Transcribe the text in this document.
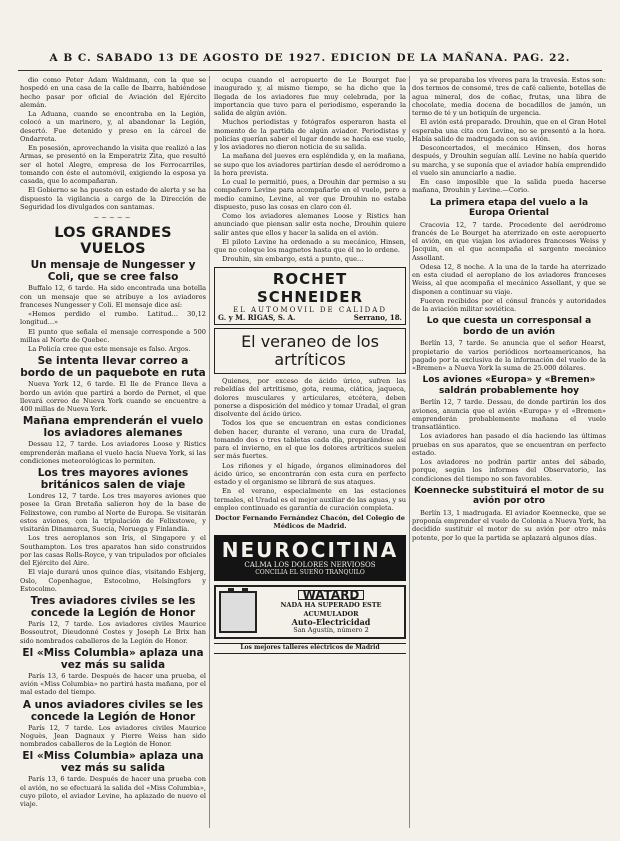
A B C. SABADO 13 DE AGOSTO DE 1927. EDICION DE LA MAÑANA. PAG. 22.

dio como Peter Adam Waldmann, con la que se hospedó en una casa de la calle de Ibarra, habiéndose hecho pasar por oficial de Aviación del Ejército alemán.

La Aduana, cuando se encontraba en la Legión, colocó a un marinero, y, al abandonar la Legión, desertó. Fue detenido y preso en la cárcel de Ondarreta.

En posesión, aprovechando la visita que realizó a las Armas, se presentó en la Emperatriz Zita, que resultó ser el hotel Alegre, empresa de los Ferrocarriles, tomando con éste el automóvil, exigiendo la esposa ya casada, que lo acompañaran.

El Gobierno se ha puesto en estado de alerta y se ha dispuesto la vigilancia a cargo de la Dirección de Seguridad los divulgados con santamas.

~~~~~
LOS GRANDES VUELOS
Un mensaje de Nungesser y Coli, que se cree falso

Buffalo 12, 6 tarde. Ha sido encontrada una botella con un mensaje que se atribuye a los aviadores franceses Nungesser y Coli. El mensaje dice así:

«Hemos perdido el rumbo. Latitud... 30,12 longitud...»

El punto que señala el mensaje corresponde a 500 millas al Norte de Quebec.

La Policía cree que este mensaje es falso. Argos.

Se intenta llevar correo a bordo de un paquebote en ruta

Nueva York 12, 6 tarde. El Ile de France lleva a bordo un avión que partirá a bordo de Pernet, el que llevará correo de Nueva York cuando se encuentre a 400 millas de Nueva York.

Mañana emprenderán el vuelo los aviadores alemanes

Dessau 12, 7 tarde. Los aviadores Loose y Ristics emprenderán mañana el vuelo hacia Nueva York, si las condiciones meteorológicas lo permiten.

Los tres mayores aviones británicos salen de viaje

Londres 12, 7 tarde. Los tres mayores aviones que posee la Gran Bretaña salieron hoy de la base de Felixstowe, con rumbo al Norte de Europa. Se visitarán estos aviones, con la tripulación de Felixstowe, y visitarán Dinamarca, Suecia, Noruega y Finlandia.

Los tres aeroplanos son Iris, el Singapore y el Southampton. Los tres aparatos han sido construidos por las casas Rolls-Royce, y van tripulados por oficiales del Ejército del Aire.

El viaje durará unos quince días, visitando Esbjerg, Oslo, Copenhague, Estocolmo, Helsingfors y Estocolmo.

Tres aviadores civiles se les concede la Legión de Honor

París 12, 7 tarde. Los aviadores civiles Maurice Bossoutrot, Dieudonné Costes y Joseph Le Brix han sido nombrados caballeros de la Legión de Honor.

El «Miss Columbia» aplaza una vez más su salida

París 13, 6 tarde. Después de hacer una prueba, el avión «Miss Columbia» no partirá hasta mañana, por el mal estado del tiempo.

A unos aviadores civiles se les concede la Legión de Honor

París 12, 7 tarde. Los aviadores civiles Maurice Noguès, Jean Dagnaux y Pierre Weiss han sido nombrados caballeros de la Legión de Honor.

El «Miss Columbia» aplaza una vez más su salida

París 13, 6 tarde. Después de hacer una prueba con el avión, no se efectuará la salida del «Miss Columbia», cuyo piloto, el aviador Levine, ha aplazado de nuevo el viaje.

ocupa cuando el aeropuerto de Le Bourget fue inaugurado y, al mismo tiempo, se ha dicho que la llegada de los aviadores fue muy celebrada, por la importancia que tuvo para el periodismo, esperando la salida de algún avión.

Muchos periodistas y fotógrafos esperaron hasta el momento de la partida de algún aviador. Periodistas y policías querían saber el lugar donde se hacía ese vuelo, y los aviadores no dieron noticia de su salida.

La mañana del jueves era espléndida y, en la mañana, se supo que los aviadores partirían desde el aeródromo a la hora prevista.

Lo cual le permitió, pues, a Drouhin dar permiso a su compañero Levine para acompañarle en el vuelo, pero a medio camino, Levine, al ver que Drouhin no estaba dispuesto, puso las cosas en claro con él.

Como los aviadores alemanes Loose y Ristics han anunciado que piensan salir esta noche, Drouhin quiere salir antes que ellos y hacer la salida en el avión.

El piloto Levine ha ordenado a su mecánico, Hinsen, que no coloque los magnetos hasta que él no lo ordene.

Drouhin, sin embargo, está a punto, que...

ROCHET SCHNEIDER
EL AUTOMOVIL DE CALIDAD
G. y M. RIGAS, S. A.	Serrano, 18.
El veraneo de los artríticos

Quienes, por exceso de ácido úrico, sufren las rebeldías del artritismo, gota, reuma, ciática, jaqueca, dolores musculares y articulares, etcétera, deben ponerse a disposición del médico y tomar Uradal, el gran disolvente del ácido úrico.

Todos los que se encuentran en estas condiciones deben hacer, durante el verano, una cura de Uradal, tomando dos o tres tabletas cada día, preparándose así para el invierno, en el que los dolores artríticos suelen ser más fuertes.

Los riñones y el hígado, órganos eliminadores del ácido úrico, se encontrarán con esta cura en perfecto estado y el organismo se librará de sus ataques.

En el verano, especialmente en las estaciones termales, el Uradal es el mejor auxiliar de las aguas, y su empleo continuado es garantía de curación completa.

Doctor Fernando Fernández Chacón, del Colegio de Médicos de Madrid.
NEUROCITINA
CALMA LOS DOLORES NERVIOSOS
CONCILIA EL SUEÑO TRANQUILO
WATARD
NADA HA SUPERADO ESTE ACUMULADOR
Auto-Electricidad
San Agustín, número 2
Los mejores talleres eléctricos de Madrid

ya se preparaba los víveres para la travesía. Estos son: dos termos de consomé, tres de café caliente, botellas de agua mineral, dos de coñac, frutas, una libra de chocolate, media docena de bocadillos de jamón, un termo de té y un botiquín de urgencia.

El avión está preparado. Drouhin, que en el Gran Hotel esperaba una cita con Levine, no se presentó a la hora. Había salido de madrugada con su avión.

Desconcertados, el mecánico Hinsen, dos horas después, y Drouhin seguían allí. Levine no había querido su marcha, y se suponía que el aviador había emprendido el vuelo sin anunciarlo a nadie.

En caso imposible que la salida pueda hacerse mañana, Drouhin y Levine.—Corio.

La primera etapa del vuelo a la Europa Oriental

Cracovia 12, 7 tarde. Procedente del aeródromo francés de Le Bourget ha aterrizado en este aeropuerto el avión, en que viajan los aviadores franceses Weiss y Jacquin, en el que acompaña el sargento mecánico Assollant.

Odesa 12, 8 noche. A la una de la tarde ha aterrizado en esta ciudad el aeroplano de los aviadores franceses Weiss, al que acompaña el mecánico Assollant, y que se disponen a continuar su viaje.

Fueron recibidos por el cónsul francés y autoridades de la aviación militar soviética.

Lo que cuesta un corresponsal a bordo de un avión

Berlín 13, 7 tarde. Se anuncia que el señor Hearst, propietario de varios periódicos norteamericanos, ha pagado por la exclusiva de la información del vuelo de la «Bremen» a Nueva York la suma de 25.000 dólares.

Los aviones «Europa» y «Bremen» saldrán probablemente hoy

Berlín 12, 7 tarde. Dessau, de donde partirán los dos aviones, anuncia que el avión «Europa» y el «Bremen» emprenderán probablemente mañana el vuelo transatlántico.

Los aviadores han pasado el día haciendo las últimas pruebas en sus aparatos, que se encuentran en perfecto estado.

Los aviadores no podrán partir antes del sábado, porque, según los informes del Observatorio, las condiciones del tiempo no son favorables.

Koennecke substituirá el motor de su avión por otro

Berlín 13, 1 madrugada. El aviador Koennecke, que se proponía emprender el vuelo de Colonia a Nueva York, ha decidido sustituir el motor de su avión por otro más potente, por lo que la partida se aplazará algunos días.
